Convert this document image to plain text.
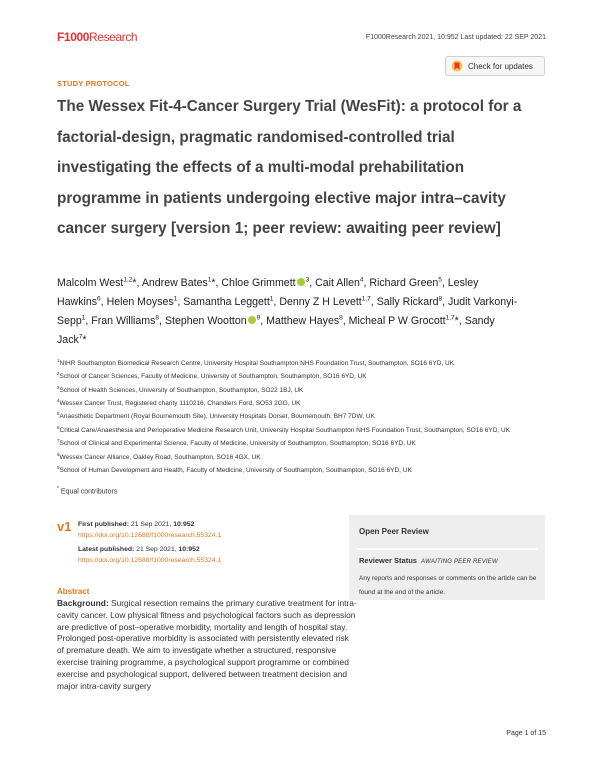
F1000Research	F1000Research 2021, 10:952 Last updated: 22 SEP 2021
Check for updates
STUDY PROTOCOL
The Wessex Fit-4-Cancer Surgery Trial (WesFit): a protocol for a factorial-design, pragmatic randomised-controlled trial investigating the effects of a multi-modal prehabilitation programme in patients undergoing elective major intra–cavity cancer surgery [version 1; peer review: awaiting peer review]
Malcolm West$^{1,2}$*, Andrew Bates$^1$*, Chloe Grimmett $^3$, Cait Allen$^4$, Richard Green$^5$, Lesley Hawkins$^6$, Helen Moyses$^1$, Samantha Leggett$^1$, Denny Z H Levett$^{1,7}$, Sally Rickard$^8$, Judit Varkonyi-Sepp$^1$, Fran Williams$^8$, Stephen Wootton $^9$, Matthew Hayes$^8$, Micheal P W Grocott$^{1,7}$*, Sandy Jack$^7$*
$^1$NIHR Southampton Biomedical Research Centre, University Hospital Southampton NHS Foundation Trust, Southampton, SO16 6YD, UK
$^2$School of Cancer Sciences, Faculty of Medicine, University of Southampton, Southampton, SO16 6YD, UK
$^3$School of Health Sciences, University of Southampton, Southampton, SO22 1BJ, UK
$^4$Wessex Cancer Trust, Registered charity 1110216, Chandlers Ford, SO53 2GG, UK
$^5$Anaesthetic Department (Royal Bournemouth Site), University Hospitals Dorset, Bournemouth, BH7 7DW, UK
$^6$Critical Care/Anaesthesia and Perioperative Medicine Research Unit, University Hospital Southampton NHS Foundation Trust, Southampton, SO16 6YD, UK
$^7$School of Clinical and Experimental Science, Faculty of Medicine, University of Southampton, Southampton, SO16 6YD, UK
$^8$Wessex Cancer Alliance, Oakley Road, Southampton, SO16 4GX, UK
$^9$School of Human Development and Health, Faculty of Medicine, University of Southampton, Southampton, SO16 6YD, UK
* Equal contributors
v1 First published: 21 Sep 2021, 10:952
https://doi.org/10.12688/f1000research.55324.1
Latest published: 21 Sep 2021, 10:952
https://doi.org/10.12688/f1000research.55324.1
Open Peer Review
Reviewer Status AWAITING PEER REVIEW
Any reports and responses or comments on the article can be found at the end of the article.
Abstract
Background: Surgical resection remains the primary curative treatment for intra-cavity cancer. Low physical fitness and psychological factors such as depression are predictive of post–operative morbidity, mortality and length of hospital stay. Prolonged post-operative morbidity is associated with persistently elevated risk of premature death. We aim to investigate whether a structured, responsive exercise training programme, a psychological support programme or combined exercise and psychological support, delivered between treatment decision and major intra-cavity surgery
Page 1 of 15
